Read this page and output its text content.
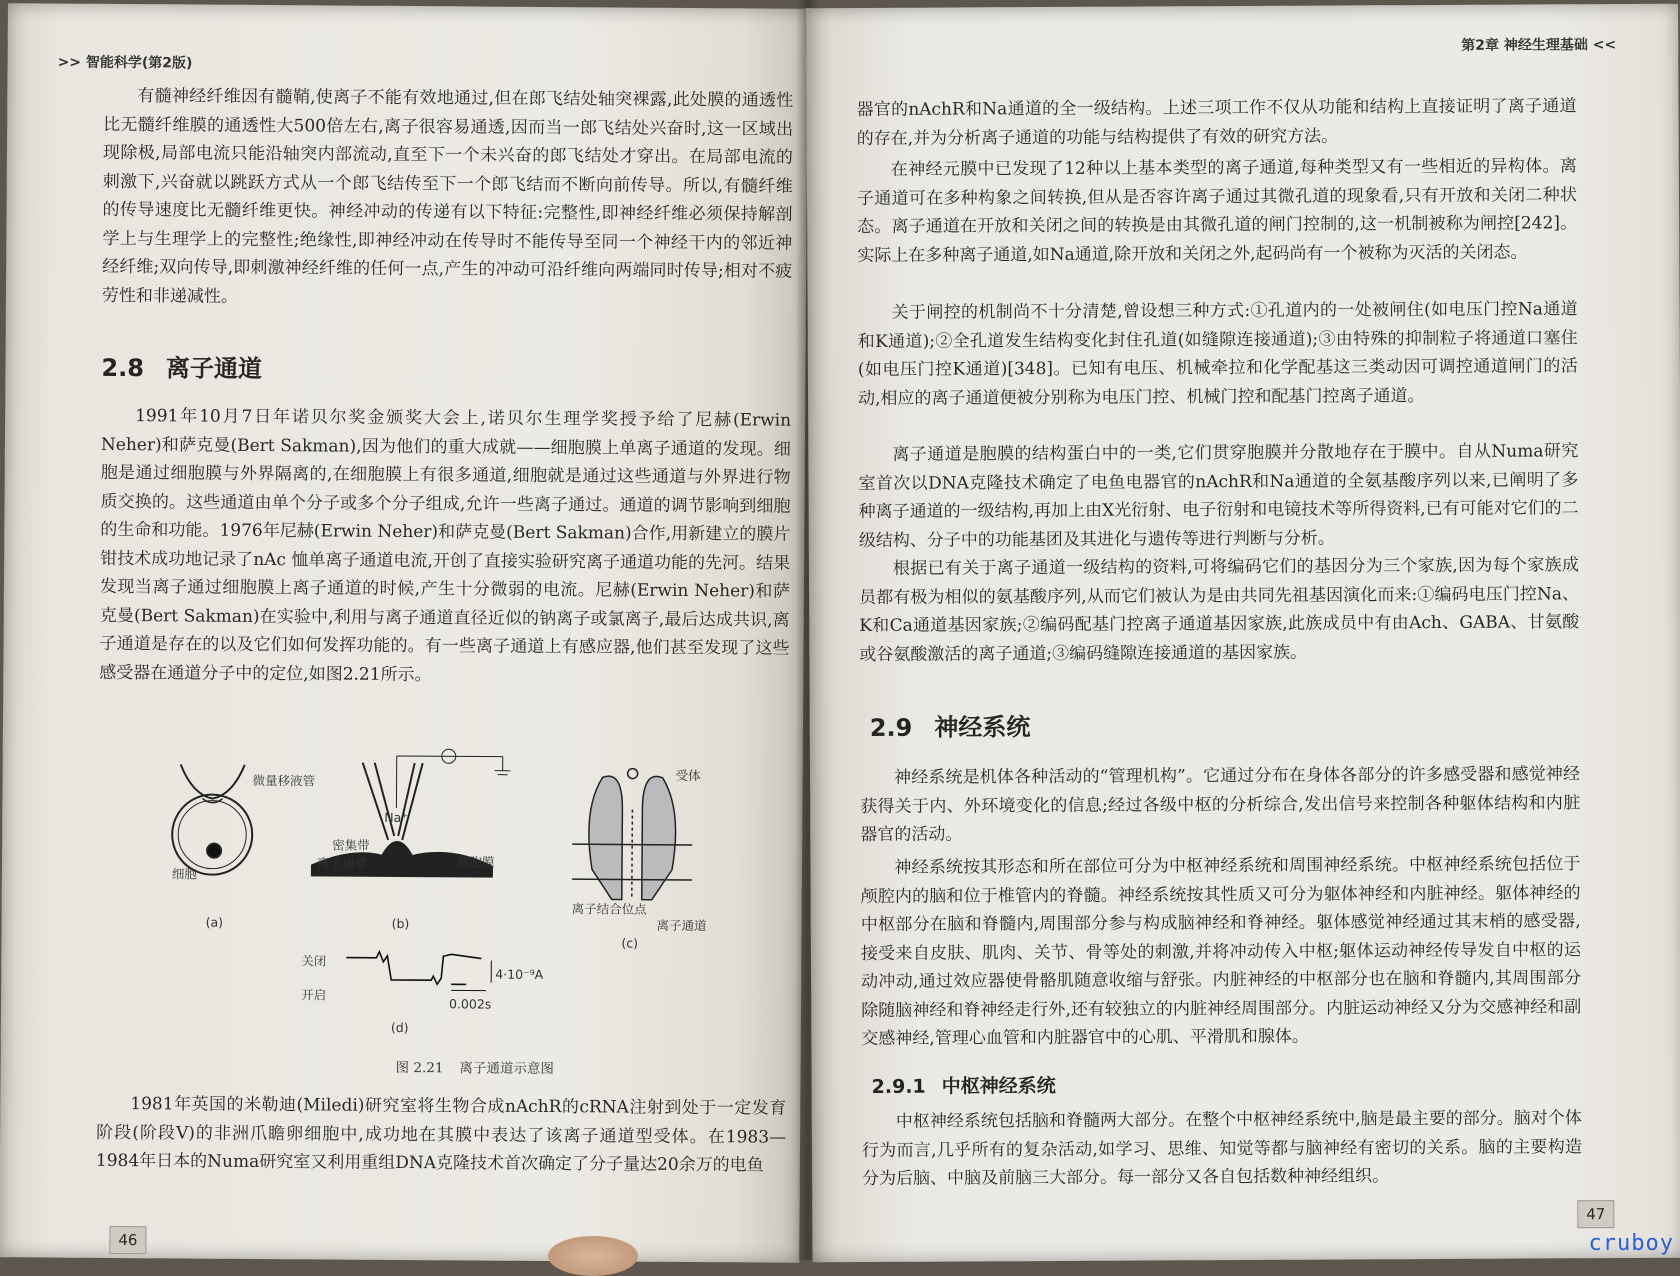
>> 智能科学(第2版)

有髓神经纤维因有髓鞘,使离子不能有效地通过,但在郎飞结处轴突裸露,此处膜的通透性比无髓纤维膜的通透性大500倍左右,离子很容易通透,因而当一郎飞结处兴奋时,这一区域出现除极,局部电流只能沿轴突内部流动,直至下一个未兴奋的郎飞结处才穿出。在局部电流的刺激下,兴奋就以跳跃方式从一个郎飞结传至下一个郎飞结而不断向前传导。所以,有髓纤维的传导速度比无髓纤维更快。神经冲动的传递有以下特征:完整性,即神经纤维必须保持解剖学上与生理学上的完整性;绝缘性,即神经冲动在传导时不能传导至同一个神经干内的邻近神经纤维;双向传导,即刺激神经纤维的任何一点,产生的冲动可沿纤维向两端同时传导;相对不疲劳性和非递减性。

2.8 离子通道

1991年10月7日年诺贝尔奖金颁奖大会上,诺贝尔生理学奖授予给了尼赫(Erwin Neher)和萨克曼(Bert Sakman),因为他们的重大成就——细胞膜上单离子通道的发现。细胞是通过细胞膜与外界隔离的,在细胞膜上有很多通道,细胞就是通过这些通道与外界进行物质交换的。这些通道由单个分子或多个分子组成,允许一些离子通过。通道的调节影响到细胞的生命和功能。1976年尼赫(Erwin Neher)和萨克曼(Bert Sakman)合作,用新建立的膜片钳技术成功地记录了nAc 恤单离子通道电流,开创了直接实验研究离子通道功能的先河。结果发现当离子通过细胞膜上离子通道的时候,产生十分微弱的电流。尼赫(Erwin Neher)和萨克曼(Bert Sakman)在实验中,利用与离子通道直径近似的钠离子或氯离子,最后达成共识,离子通道是存在的以及它们如何发挥功能的。有一些离子通道上有感应器,他们甚至发现了这些感受器在通道分子中的定位,如图2.21所示。

微量移液管
细胞
Na⁺
密集带
离子通道	细胞膜
受体
离子结合位点
离子通道
关闭
开启
4·10⁻⁹A
0.002s
(a)	(b)
(c)
(d)
图 2.21 离子通道示意图

1981年英国的米勒迪(Miledi)研究室将生物合成nAchR的cRNA注射到处于一定发育阶段(阶段V)的非洲爪瞻卵细胞中,成功地在其膜中表达了该离子通道型受体。在1983—1984年日本的Numa研究室又利用重组DNA克隆技术首次确定了分子量达20余万的电鱼

46
第2章 神经生理基础 <<

器官的nAchR和Na通道的全一级结构。上述三项工作不仅从功能和结构上直接证明了离子通道的存在,并为分析离子通道的功能与结构提供了有效的研究方法。

在神经元膜中已发现了12种以上基本类型的离子通道,每种类型又有一些相近的异构体。离子通道可在多种构象之间转换,但从是否容许离子通过其微孔道的现象看,只有开放和关闭二种状态。离子通道在开放和关闭之间的转换是由其微孔道的闸门控制的,这一机制被称为闸控[242]。实际上在多种离子通道,如Na通道,除开放和关闭之外,起码尚有一个被称为灭活的关闭态。

关于闸控的机制尚不十分清楚,曾设想三种方式:①孔道内的一处被闸住(如电压门控Na通道和K通道);②全孔道发生结构变化封住孔道(如缝隙连接通道);③由特殊的抑制粒子将通道口塞住(如电压门控K通道)[348]。已知有电压、机械牵拉和化学配基这三类动因可调控通道闸门的活动,相应的离子通道便被分别称为电压门控、机械门控和配基门控离子通道。

离子通道是胞膜的结构蛋白中的一类,它们贯穿胞膜并分散地存在于膜中。自从Numa研究室首次以DNA克隆技术确定了电鱼电器官的nAchR和Na通道的全氨基酸序列以来,已阐明了多种离子通道的一级结构,再加上由X光衍射、电子衍射和电镜技术等所得资料,已有可能对它们的二级结构、分子中的功能基团及其进化与遗传等进行判断与分析。

根据已有关于离子通道一级结构的资料,可将编码它们的基因分为三个家族,因为每个家族成员都有极为相似的氨基酸序列,从而它们被认为是由共同先祖基因演化而来:①编码电压门控Na、K和Ca通道基因家族;②编码配基门控离子通道基因家族,此族成员中有由Ach、GABA、甘氨酸或谷氨酸激活的离子通道;③编码缝隙连接通道的基因家族。

2.9 神经系统

神经系统是机体各种活动的“管理机构”。它通过分布在身体各部分的许多感受器和感觉神经获得关于内、外环境变化的信息;经过各级中枢的分析综合,发出信号来控制各种躯体结构和内脏器官的活动。

神经系统按其形态和所在部位可分为中枢神经系统和周围神经系统。中枢神经系统包括位于颅腔内的脑和位于椎管内的脊髓。神经系统按其性质又可分为躯体神经和内脏神经。躯体神经的中枢部分在脑和脊髓内,周围部分参与构成脑神经和脊神经。躯体感觉神经通过其末梢的感受器,接受来自皮肤、肌肉、关节、骨等处的刺激,并将冲动传入中枢;躯体运动神经传导发自中枢的运动冲动,通过效应器使骨骼肌随意收缩与舒张。内脏神经的中枢部分也在脑和脊髓内,其周围部分除随脑神经和脊神经走行外,还有较独立的内脏神经周围部分。内脏运动神经又分为交感神经和副交感神经,管理心血管和内脏器官中的心肌、平滑肌和腺体。

2.9.1 中枢神经系统

中枢神经系统包括脑和脊髓两大部分。在整个中枢神经系统中,脑是最主要的部分。脑对个体行为而言,几乎所有的复杂活动,如学习、思维、知觉等都与脑神经有密切的关系。脑的主要构造分为后脑、中脑及前脑三大部分。每一部分又各自包括数种神经组织。

47
cruboy
